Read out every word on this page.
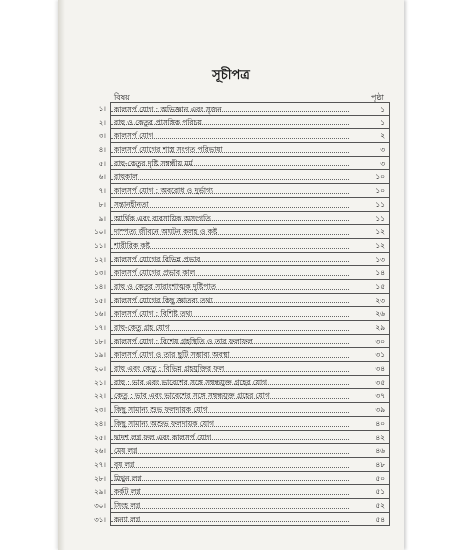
সূচীপত্র
বিষয়	পৃষ্ঠা
১। কালসর্প যোগ : অভিজ্ঞান এবং সৃজন	১
২। রাহু ও কেতুর প্রাসঙ্গিক পরিচয়	১
৩। কালসর্প যোগ	২
৪। কালসর্প যোগের শাস্ত্র সংগত পরিভাষা	৩
৫। রাহু-কেতুর দৃষ্টি সম্বন্ধীয় মর্ম	৩
৬। রাহুকাল	১০
৭। কালসর্প যোগ : অবরোধ ও দুর্ভাগ্য	১০
৮। সন্তানহীনতা	১১
৯। আর্থিক এবং ব্যবসায়িক অসংগতি	১১
১০। দাম্পত্য জীবনে অঘটন কলহ ও কষ্ট	১২
১১। শারীরিক কষ্ট	১২
১২। কালসর্প যোগের বিভিন্ন প্রভাব	১৩
১৩। কালসর্প যোগের প্রভাব কাল	১৪
১৪। রাহু ও কেতুর সারাংশাত্মক দৃষ্টিপাত	১৫
১৫। কালসর্প যোগের কিছু জ্ঞাতব্য তথ্য	২৩
১৬। কালসর্প যোগ : বিশিষ্ট তথ্য	২৬
১৭। রাহু-কেতু গ্রহ যোগ	২৯
১৮। কালসর্প যোগ : বিশেষ গ্রহস্থিতি ও তার ফলাফল	৩০
১৯। কালসর্প যোগ ও তার ছুটি সম্ভাব্য অবস্থা	৩১
২০। রাহু এবং কেতু : বিভিন্ন গ্রহযুক্তির ফল	৩৪
২১। রাহু : ভাব এবং ভাবেশের সঙ্গে সম্বন্ধযুক্ত গ্রহের যোগ	৩৫
২২। কেতু : ভাব এবং ভাবেশের সঙ্গে সম্বন্ধযুক্ত গ্রহের যোগ	৩৭
২৩। কিছু সামান্য শুভ ফলদায়ক যোগ	৩৯
২৪। কিছু সামান্য অশুভ ফলদায়ক যোগ	৪০
২৫। দ্বাদশ লগ্ন ফল এবং কালসর্প যোগ	৪২
২৬। মেষ লগ্ন	৪৬
২৭। বৃষ লগ্ন	৪৮
২৮। মিথুন লগ্ন	৫০
২৯। কর্কট লগ্ন	৫১
৩০। সিংহ লগ্ন	৫২
৩১। কন্যা লগ্ন	৫৪
